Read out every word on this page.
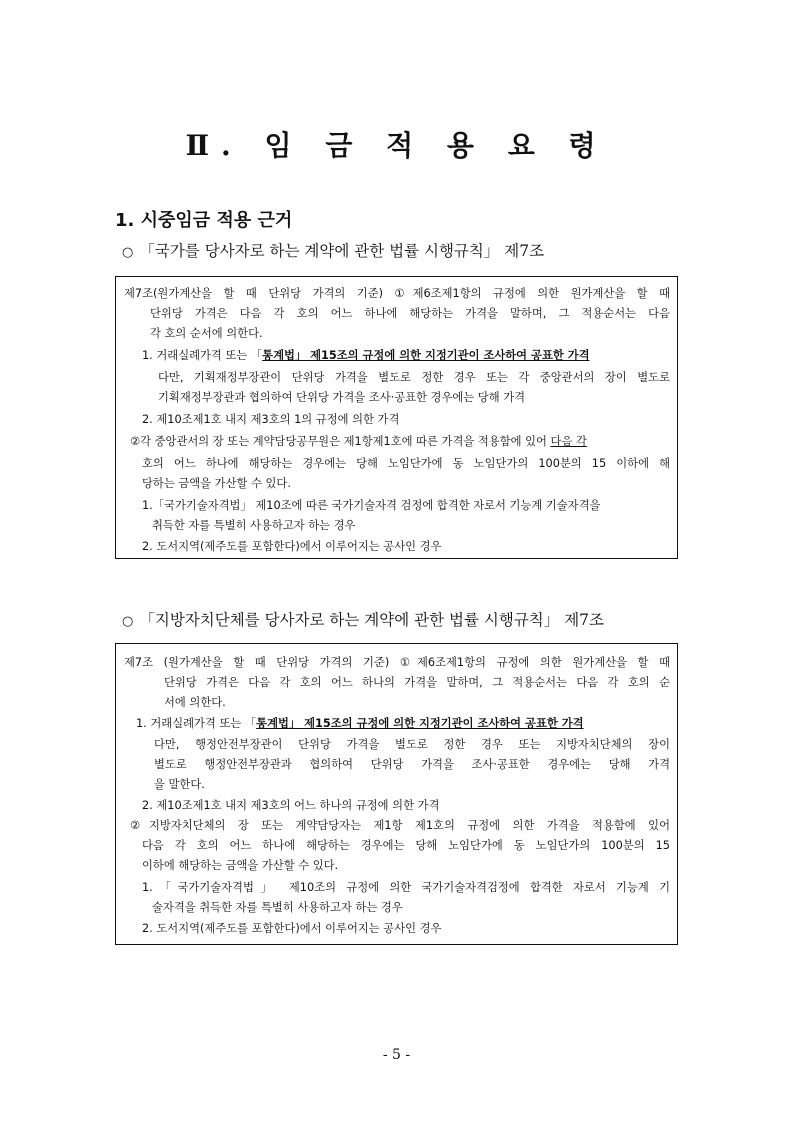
Ⅱ. 임 금 적 용 요 령
1. 시중임금 적용 근거
○ 「국가를 당사자로 하는 계약에 관한 법률 시행규칙」 제7조
제7조(원가계산을 할 때 단위당 가격의 기준) ①제6조제1항의 규정에 의한 원가계산을 할 때
단위당 가격은 다음 각 호의 어느 하나에 해당하는 가격을 말하며, 그 적용순서는 다음
각 호의 순서에 의한다.
1. 거래실례가격 또는 「통계법」 제15조의 규정에 의한 지정기관이 조사하여 공표한 가격
다만, 기획재정부장관이 단위당 가격을 별도로 정한 경우 또는 각 중앙관서의 장이 별도로
기획재정부장관과 협의하여 단위당 가격을 조사·공표한 경우에는 당해 가격
2. 제10조제1호 내지 제3호의 1의 규정에 의한 가격
②각 중앙관서의 장 또는 계약담당공무원은 제1항제1호에 따른 가격을 적용함에 있어 다음 각
호의 어느 하나에 해당하는 경우에는 당해 노임단가에 동 노임단가의 100분의 15 이하에 해
당하는 금액을 가산할 수 있다.
1.「국가기술자격법」 제10조에 따른 국가기술자격 검정에 합격한 자로서 기능계 기술자격을
취득한 자를 특별히 사용하고자 하는 경우
2. 도서지역(제주도를 포함한다)에서 이루어지는 공사인 경우
○ 「지방자치단체를 당사자로 하는 계약에 관한 법률 시행규칙」 제7조
제7조 (원가계산을 할 때 단위당 가격의 기준) ①제6조제1항의 규정에 의한 원가계산을 할 때
단위당 가격은 다음 각 호의 어느 하나의 가격을 말하며, 그 적용순서는 다음 각 호의 순
서에 의한다.
1. 거래실례가격 또는 「통계법」 제15조의 규정에 의한 지정기관이 조사하여 공표한 가격
다만, 행정안전부장관이 단위당 가격을 별도로 정한 경우 또는 지방자치단체의 장이
별도로 행정안전부장관과 협의하여 단위당 가격을 조사·공표한 경우에는 당해 가격
을 말한다.
2. 제10조제1호 내지 제3호의 어느 하나의 규정에 의한 가격
②지방자치단체의 장 또는 계약담당자는 제1항 제1호의 규정에 의한 가격을 적용함에 있어
다음 각 호의 어느 하나에 해당하는 경우에는 당해 노임단가에 동 노임단가의 100분의 15
이하에 해당하는 금액을 가산할 수 있다.
1.「국가기술자격법」 제10조의 규정에 의한 국가기술자격검정에 합격한 자로서 기능계 기
술자격을 취득한 자를 특별히 사용하고자 하는 경우
2. 도서지역(제주도를 포함한다)에서 이루어지는 공사인 경우
- 5 -
